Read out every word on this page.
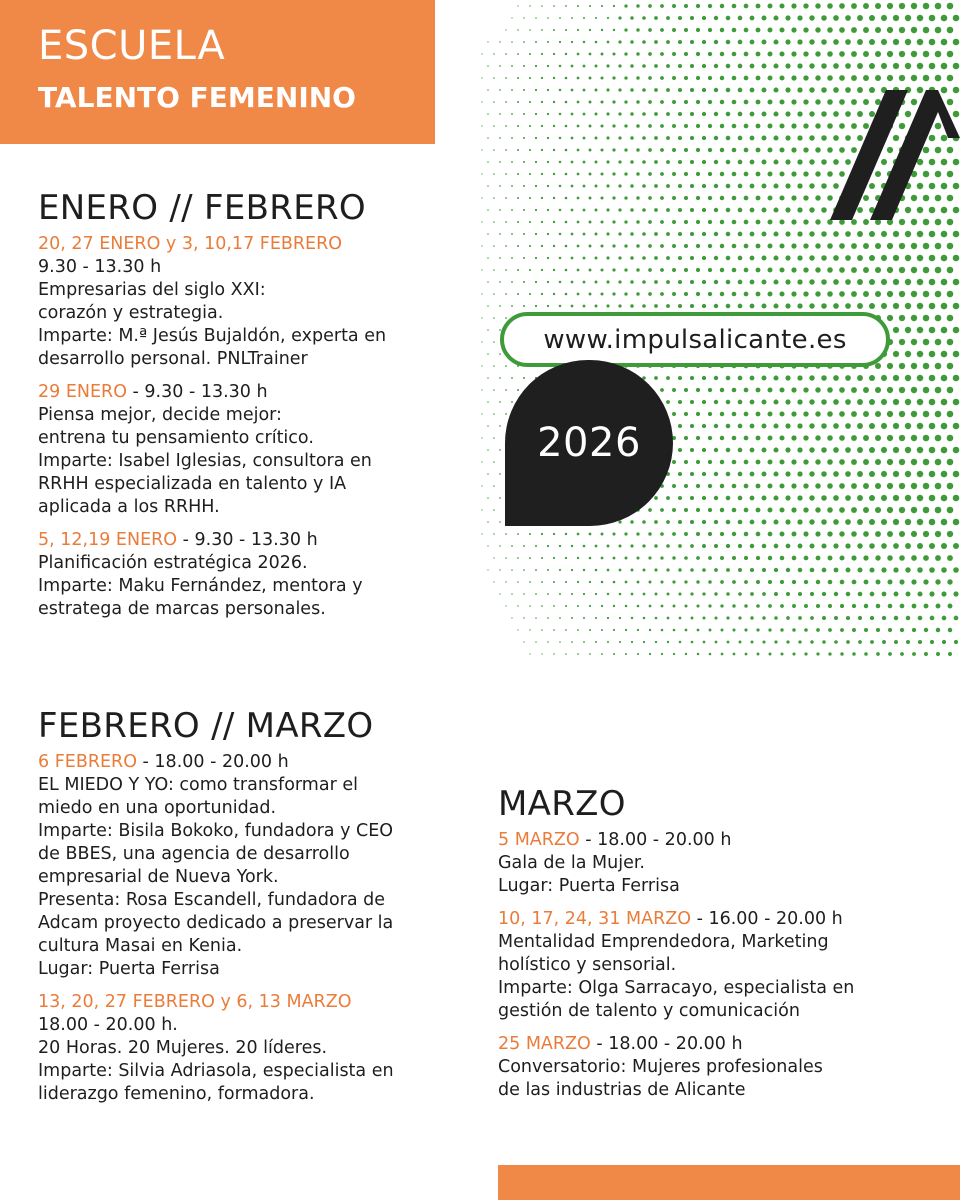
ESCUELA
TALENTO FEMENINO
www.impulsalicante.es
2026
ENERO // FEBRERO
20, 27 ENERO y 3, 10,17 FEBRERO
9.30 - 13.30 h
Empresarias del siglo XXI:
corazón y estrategia.
Imparte: M.ª Jesús Bujaldón, experta en
desarrollo personal. PNLTrainer
29 ENERO - 9.30 - 13.30 h
Piensa mejor, decide mejor:
entrena tu pensamiento crítico.
Imparte: Isabel Iglesias, consultora en
RRHH especializada en talento y IA
aplicada a los RRHH.
5, 12,19 ENERO - 9.30 - 13.30 h
Planificación estratégica 2026.
Imparte: Maku Fernández, mentora y
estratega de marcas personales.
FEBRERO // MARZO
6 FEBRERO - 18.00 - 20.00 h
EL MIEDO Y YO: como transformar el
miedo en una oportunidad.
Imparte: Bisila Bokoko, fundadora y CEO
de BBES, una agencia de desarrollo
empresarial de Nueva York.
Presenta: Rosa Escandell, fundadora de
Adcam proyecto dedicado a preservar la
cultura Masai en Kenia.
Lugar: Puerta Ferrisa
13, 20, 27 FEBRERO y 6, 13 MARZO
18.00 - 20.00 h.
20 Horas. 20 Mujeres. 20 líderes.
Imparte: Silvia Adriasola, especialista en
liderazgo femenino, formadora.
MARZO
5 MARZO - 18.00 - 20.00 h
Gala de la Mujer.
Lugar: Puerta Ferrisa
10, 17, 24, 31 MARZO - 16.00 - 20.00 h
Mentalidad Emprendedora, Marketing
holístico y sensorial.
Imparte: Olga Sarracayo, especialista en
gestión de talento y comunicación
25 MARZO - 18.00 - 20.00 h
Conversatorio: Mujeres profesionales
de las industrias de Alicante
